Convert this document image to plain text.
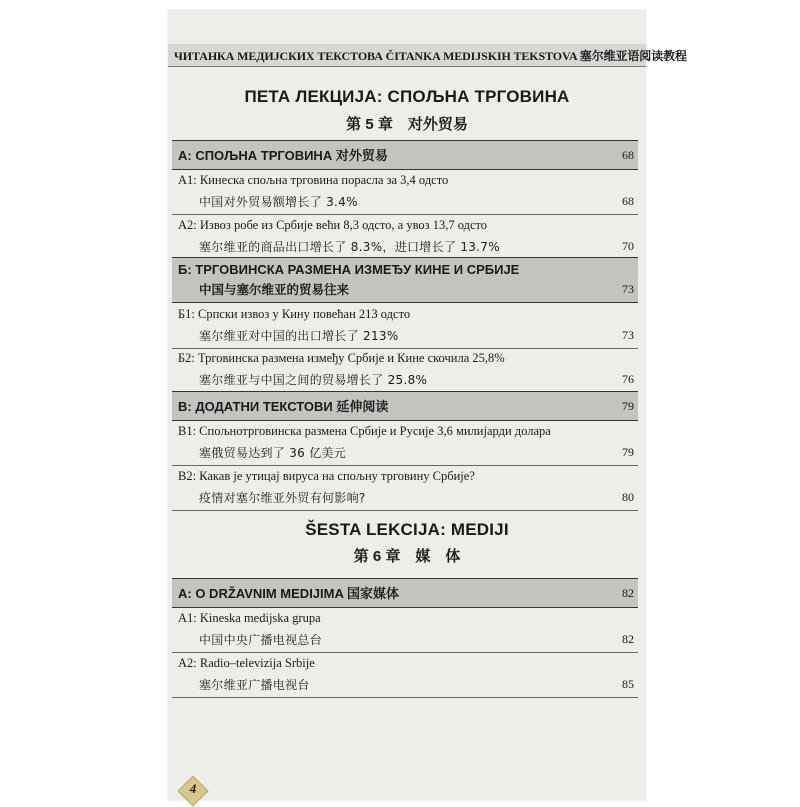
ЧИТАНКА МЕДИЈСКИХ ТЕКСТОВА ČITANKA MEDIJSKIH TEKSTOVA 塞尔维亚语阅读教程
ПЕТА ЛЕКЦИЈА: СПОЉНА ТРГОВИНА
第 5 章　对外贸易
А: СПОЉНА ТРГОВИНА 对外贸易	68
А1: Кинеска спољна трговина порасла за 3,4 одсто
中国对外贸易额增长了 3.4%	68
А2: Извоз робе из Србије већи 8,3 одсто, а увоз 13,7 одсто
塞尔维亚的商品出口增长了 8.3%，进口增长了 13.7%	70
Б: ТРГОВИНСКА РАЗМЕНА ИЗМЕЂУ КИНЕ И СРБИЈЕ
中国与塞尔维亚的贸易往来	73
Б1: Српски извоз у Кину повећан 213 одсто
塞尔维亚对中国的出口增长了 213%	73
Б2: Трговинска размена између Србије и Кине скочила 25,8%
塞尔维亚与中国之间的贸易增长了 25.8%	76
В: ДОДАТНИ ТЕКСТОВИ 延伸阅读	79
В1: Спољнотрговинска размена Србије и Русије 3,6 милијарди долара
塞俄贸易达到了 36 亿美元	79
В2: Какав је утицај вируса на спољну трговину Србије?
疫情对塞尔维亚外贸有何影响?	80
ŠESTA LEKCIJA: MEDIJI
第 6 章　媒　体
A: O DRŽAVNIM MEDIJIMA 国家媒体	82
A1: Kineska medijska grupa
中国中央广播电视总台	82
A2: Radio–televizija Srbije
塞尔维亚广播电视台	85
4
